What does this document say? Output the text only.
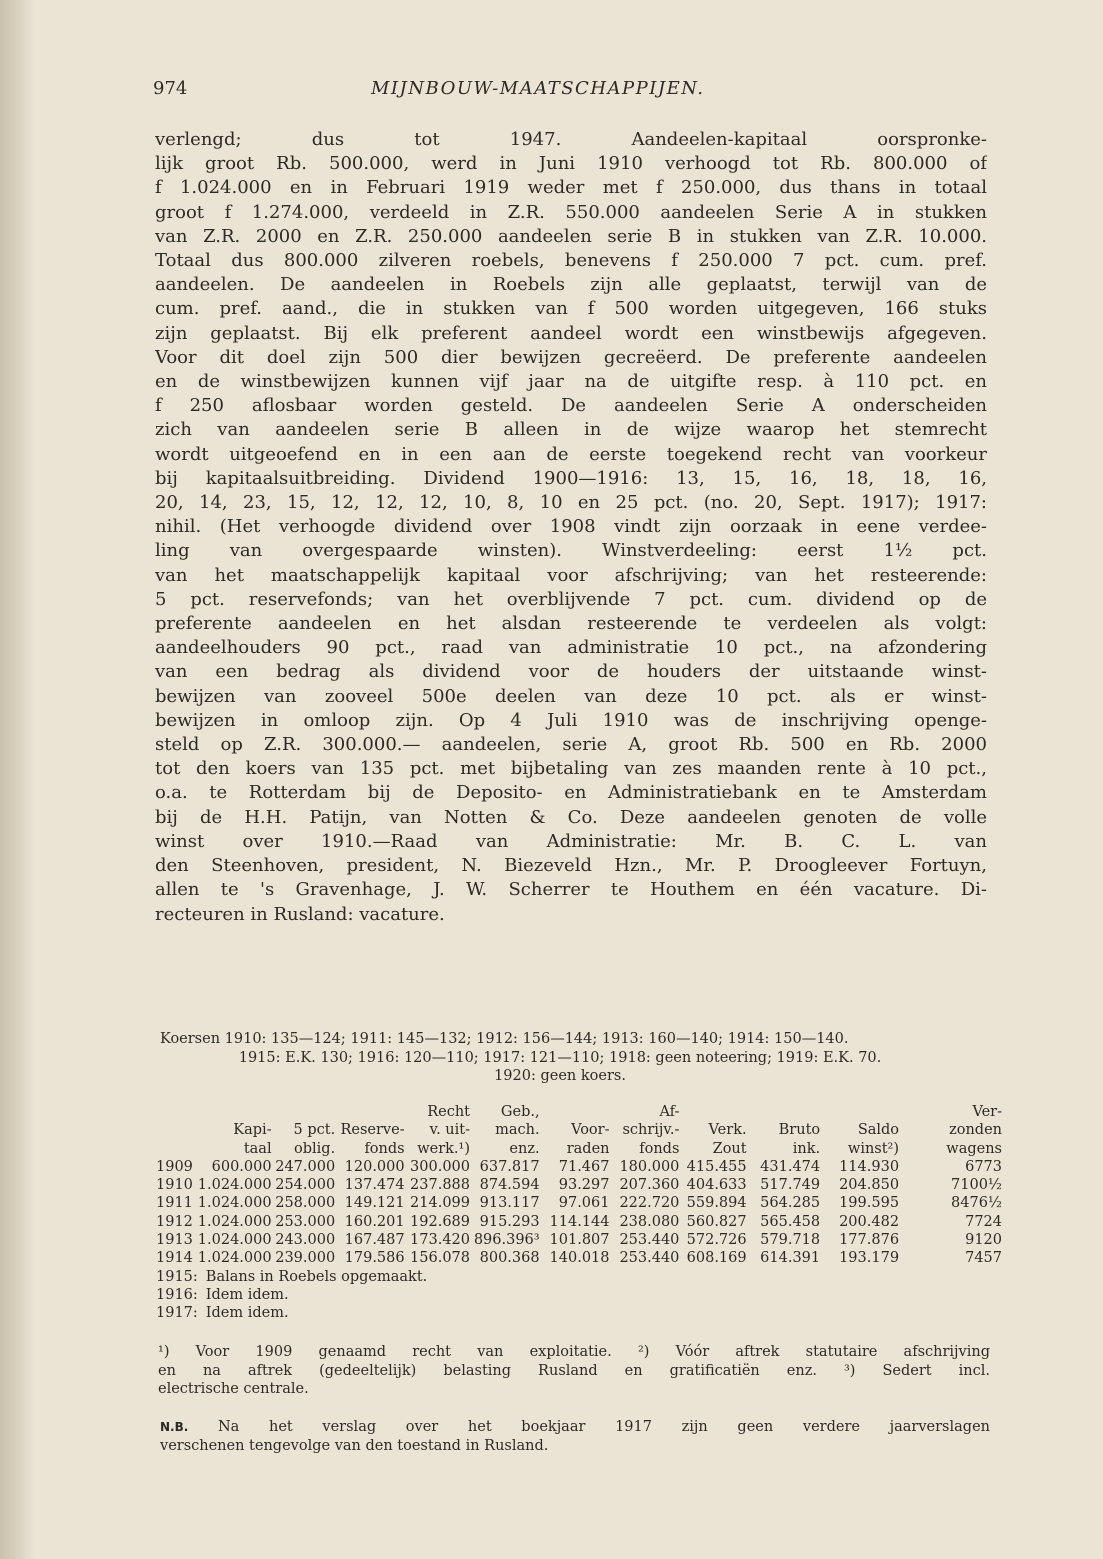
974	MIJNBOUW-MAATSCHAPPIJEN.
verlengd; dus tot 1947. Aandeelen-kapitaal oorspronke-
lijk groot Rb. 500.000, werd in Juni 1910 verhoogd tot Rb. 800.000 of
f 1.024.000 en in Februari 1919 weder met f 250.000, dus thans in totaal
groot f 1.274.000, verdeeld in Z.R. 550.000 aandeelen Serie A in stukken
van Z.R. 2000 en Z.R. 250.000 aandeelen serie B in stukken van Z.R. 10.000.
Totaal dus 800.000 zilveren roebels, benevens f 250.000 7 pct. cum. pref.
aandeelen. De aandeelen in Roebels zijn alle geplaatst, terwijl van de
cum. pref. aand., die in stukken van f 500 worden uitgegeven, 166 stuks
zijn geplaatst. Bij elk preferent aandeel wordt een winstbewijs afgegeven.
Voor dit doel zijn 500 dier bewijzen gecreëerd. De preferente aandeelen
en de winstbewijzen kunnen vijf jaar na de uitgifte resp. à 110 pct. en
f 250 aflosbaar worden gesteld. De aandeelen Serie A onderscheiden
zich van aandeelen serie B alleen in de wijze waarop het stemrecht
wordt uitgeoefend en in een aan de eerste toegekend recht van voorkeur
bij kapitaalsuitbreiding. Dividend 1900—1916: 13, 15, 16, 18, 18, 16,
20, 14, 23, 15, 12, 12, 12, 10, 8, 10 en 25 pct. (no. 20, Sept. 1917); 1917:
nihil. (Het verhoogde dividend over 1908 vindt zijn oorzaak in eene verdee-
ling van overgespaarde winsten). Winstverdeeling: eerst 1½ pct.
van het maatschappelijk kapitaal voor afschrijving; van het resteerende:
5 pct. reservefonds; van het overblijvende 7 pct. cum. dividend op de
preferente aandeelen en het alsdan resteerende te verdeelen als volgt:
aandeelhouders 90 pct., raad van administratie 10 pct., na afzondering
van een bedrag als dividend voor de houders der uitstaande winst-
bewijzen van zooveel 500e deelen van deze 10 pct. als er winst-
bewijzen in omloop zijn. Op 4 Juli 1910 was de inschrijving openge-
steld op Z.R. 300.000.— aandeelen, serie A, groot Rb. 500 en Rb. 2000
tot den koers van 135 pct. met bijbetaling van zes maanden rente à 10 pct.,
o.a. te Rotterdam bij de Deposito- en Administratiebank en te Amsterdam
bij de H.H. Patijn, van Notten & Co. Deze aandeelen genoten de volle
winst over 1910.—Raad van Administratie: Mr. B. C. L. van
den Steenhoven, president, N. Biezeveld Hzn., Mr. P. Droogleever Fortuyn,
allen te 's Gravenhage, J. W. Scherrer te Houthem en één vacature. Di-
recteuren in Rusland: vacature.
Koersen 1910: 135—124; 1911: 145—132; 1912: 156—144; 1913: 160—140; 1914: 150—140.
1915: E.K. 130; 1916: 120—110; 1917: 121—110; 1918: geen noteering; 1919: E.K. 70.
1920: geen koers.
				Recht	Geb.,		Af-				Ver-
	Kapi-	5 pct.	Reserve-	v. uit-	mach.	Voor-	schrijv.-	Verk.	Bruto	Saldo	zonden
	taal	oblig.	fonds	werk.¹)	enz.	raden	fonds	Zout	ink.	winst²)	wagens
1909	600.000	247.000	120.000	300.000	637.817	71.467	180.000	415.455	431.474	114.930	6773
1910	1.024.000	254.000	137.474	237.888	874.594	93.297	207.360	404.633	517.749	204.850	7100½
1911	1.024.000	258.000	149.121	214.099	913.117	97.061	222.720	559.894	564.285	199.595	8476½
1912	1.024.000	253.000	160.201	192.689	915.293	114.144	238.080	560.827	565.458	200.482	7724
1913	1.024.000	243.000	167.487	173.420	896.396³	101.807	253.440	572.726	579.718	177.876	9120
1914	1.024.000	239.000	179.586	156.078	800.368	140.018	253.440	608.169	614.391	193.179	7457
1915:	Balans in Roebels opgemaakt.										
1916:	Idem idem.										
1917:	Idem idem.										
¹) Voor 1909 genaamd recht van exploitatie. ²) Vóór aftrek statutaire afschrijving
en na aftrek (gedeeltelijk) belasting Rusland en gratificatiën enz. ³) Sedert incl.
electrische centrale.
N.B. Na het verslag over het boekjaar 1917 zijn geen verdere jaarverslagen
verschenen tengevolge van den toestand in Rusland.
